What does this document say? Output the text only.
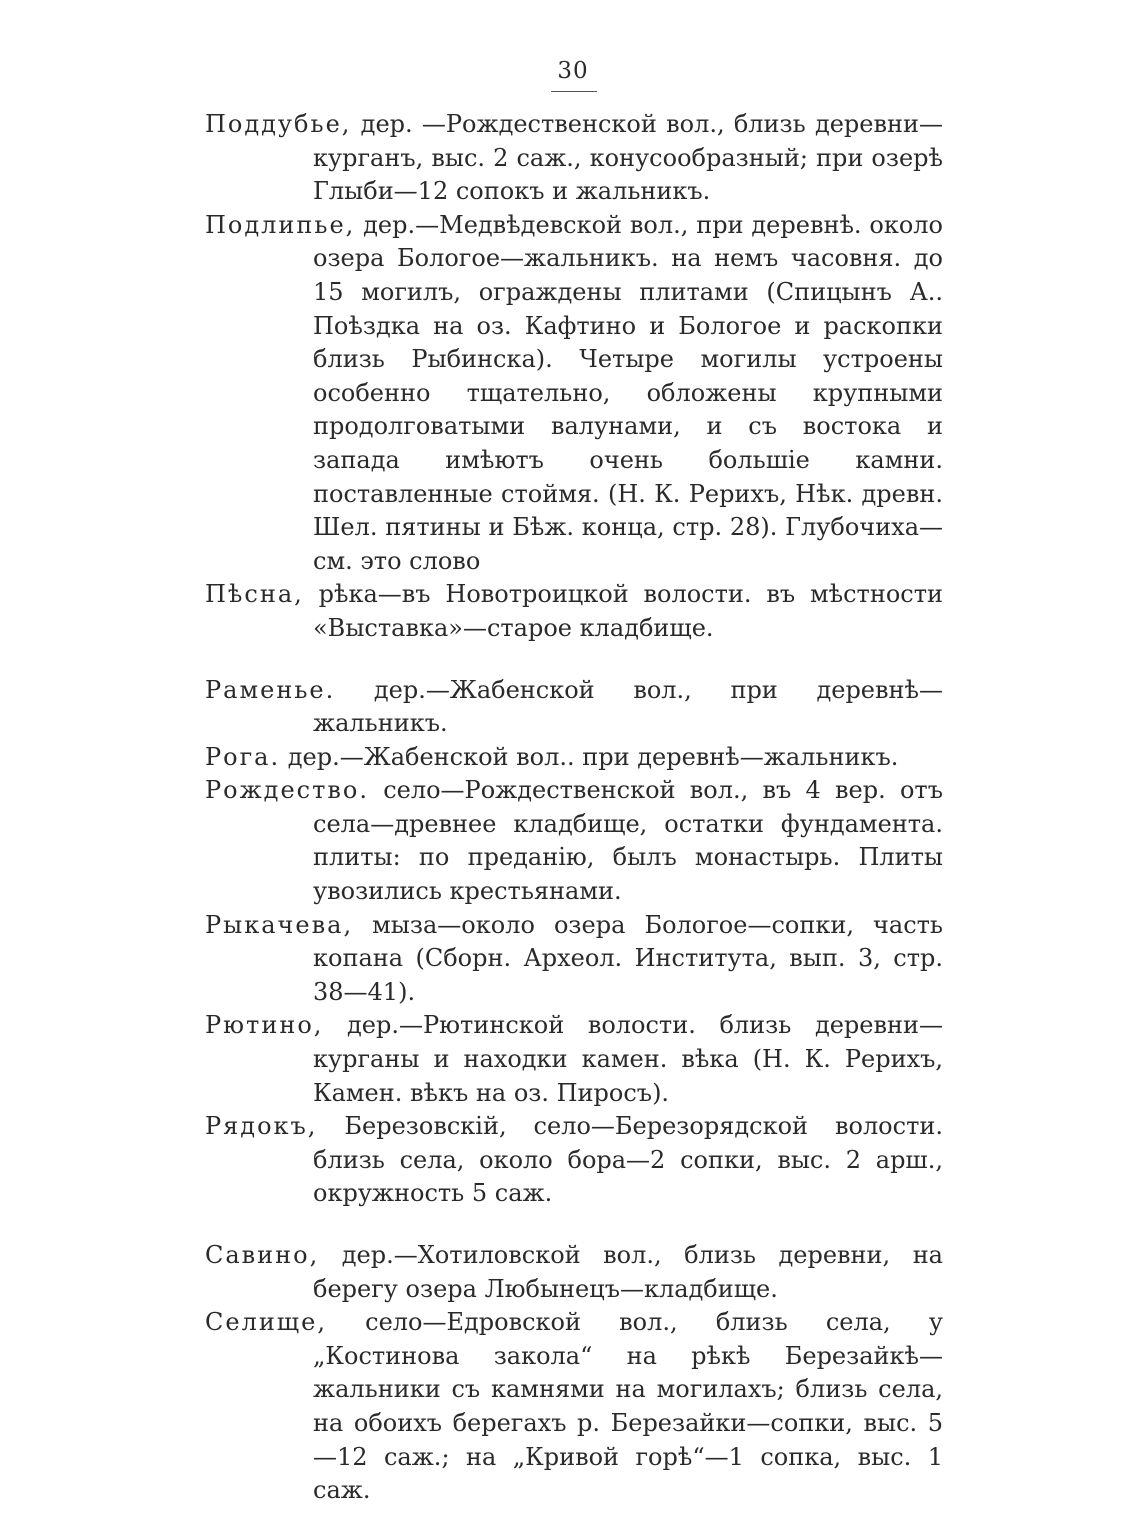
30

Поддубье, дер. —Рождественской вол., близь деревни—курганъ, выс. 2 саж., конусообразный; при озерѣ Глыби—12 сопокъ и жальникъ.

Подлипье, дер.—Медвѣдевской вол., при деревнѣ. около озера Бологое—жальникъ. на немъ часовня. до 15 могилъ, ограждены плитами (Спицынъ А.. Поѣздка на оз. Кафтино и Бологое и раскопки близь Рыбинска). Четыре могилы устроены особенно тщательно, обложены крупными продолговатыми валунами, и съ востока и запада имѣютъ очень большіе камни. поставленные стоймя. (Н. К. Рерихъ, Нѣк. древн. Шел. пятины и Бѣж. конца, стр. 28). Глубочиха—см. это слово

Пѣсна, рѣка—въ Новотроицкой волости. въ мѣстности «Выставка»—старое кладбище.

Раменье. дер.—Жабенской вол., при деревнѣ—жальникъ.

Рога. дер.—Жабенской вол.. при деревнѣ—жальникъ.

Рождество. село—Рождественской вол., въ 4 вер. отъ села—древнее кладбище, остатки фундамента. плиты: по преданію, былъ монастырь. Плиты увозились крестьянами.

Рыкачева, мыза—около озера Бологое—сопки, часть копана (Сборн. Археол. Института, вып. 3, стр. 38—41).

Рютино, дер.—Рютинской волости. близь деревни—курганы и находки камен. вѣка (Н. К. Рерихъ, Камен. вѣкъ на оз. Пиросъ).

Рядокъ, Березовскій, село—Березорядской волости. близь села, около бора—2 сопки, выс. 2 арш., окружность 5 саж.

Савино, дер.—Хотиловской вол., близь деревни, на берегу озера Любынецъ—кладбище.

Селище, село—Едровской вол., близь села, у „Костинова закола“ на рѣкѣ Березайкѣ—жальники съ камнями на могилахъ; близь села, на обоихъ берегахъ р. Березайки—сопки, выс. 5—12 саж.; на „Кривой горѣ“—1 сопка, выс. 1 саж.
